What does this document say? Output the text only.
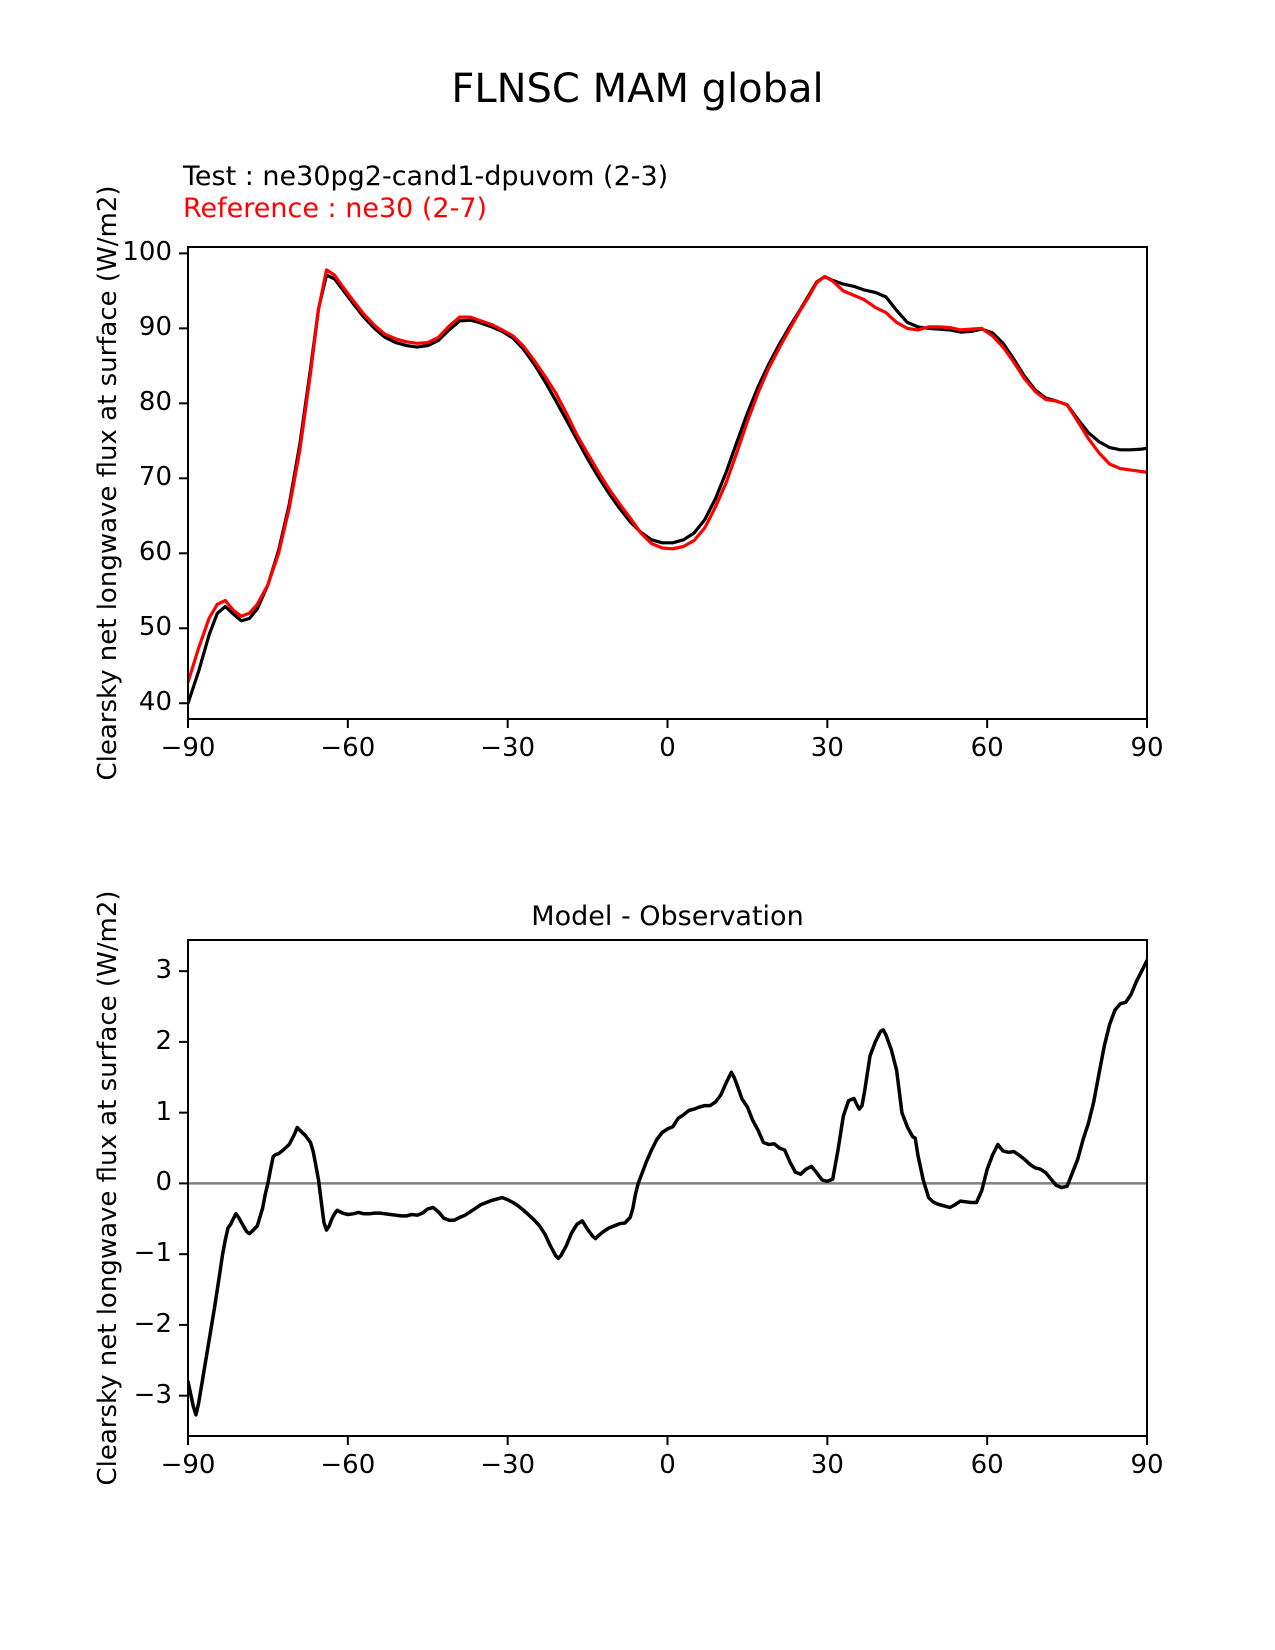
FLNSC MAM global
Test : ne30pg2-cand1-dpuvom (2-3)
Reference : ne30 (2-7)
Clearsky net longwave flux at surface (W/m2)
Model - Observation
Clearsky net longwave flux at surface (W/m2)
−90	−60	−30	0	30	60	90
40
50
60
70
80
90
100
−90	−60	−30	0	30	60	90
3
2
1
0
−1
−2
−3
